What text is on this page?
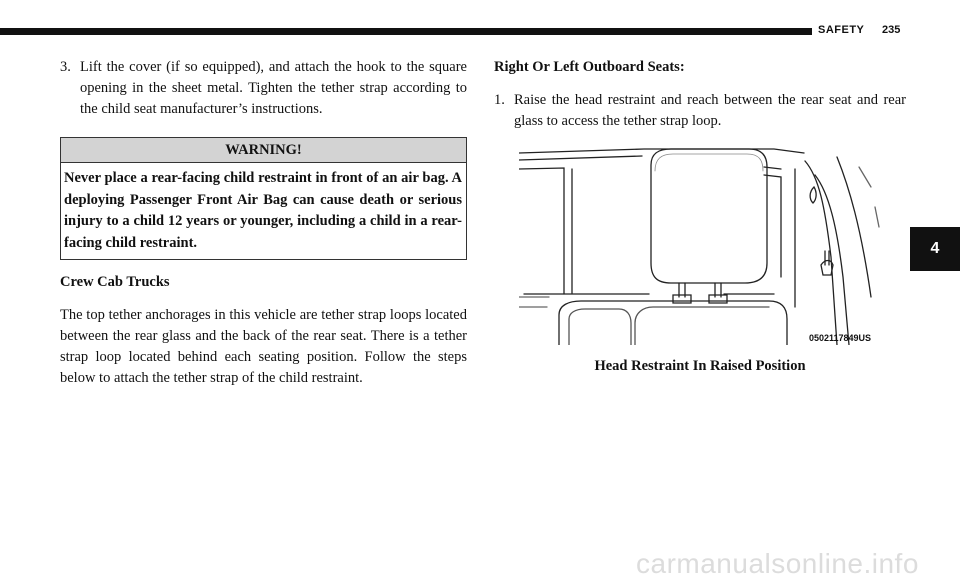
SAFETY	235
3. Lift the cover (if so equipped), and attach the hook to the square opening in the sheet metal. Tighten the tether strap according to the child seat manufacturer’s instructions.
WARNING!
Never place a rear-facing child restraint in front of an air bag. A deploying Passenger Front Air Bag can cause death or serious injury to a child 12 years or younger, including a child in a rear-facing child restraint.
Crew Cab Trucks
The top tether anchorages in this vehicle are tether strap loops located between the rear glass and the back of the rear seat. There is a tether strap loop located behind each seating position. Follow the steps below to attach the tether strap of the child restraint.
Right Or Left Outboard Seats:
1. Raise the head restraint and reach between the rear seat and rear glass to access the tether strap loop.
0502117849US
Head Restraint In Raised Position
4
carmanualsonline.info
